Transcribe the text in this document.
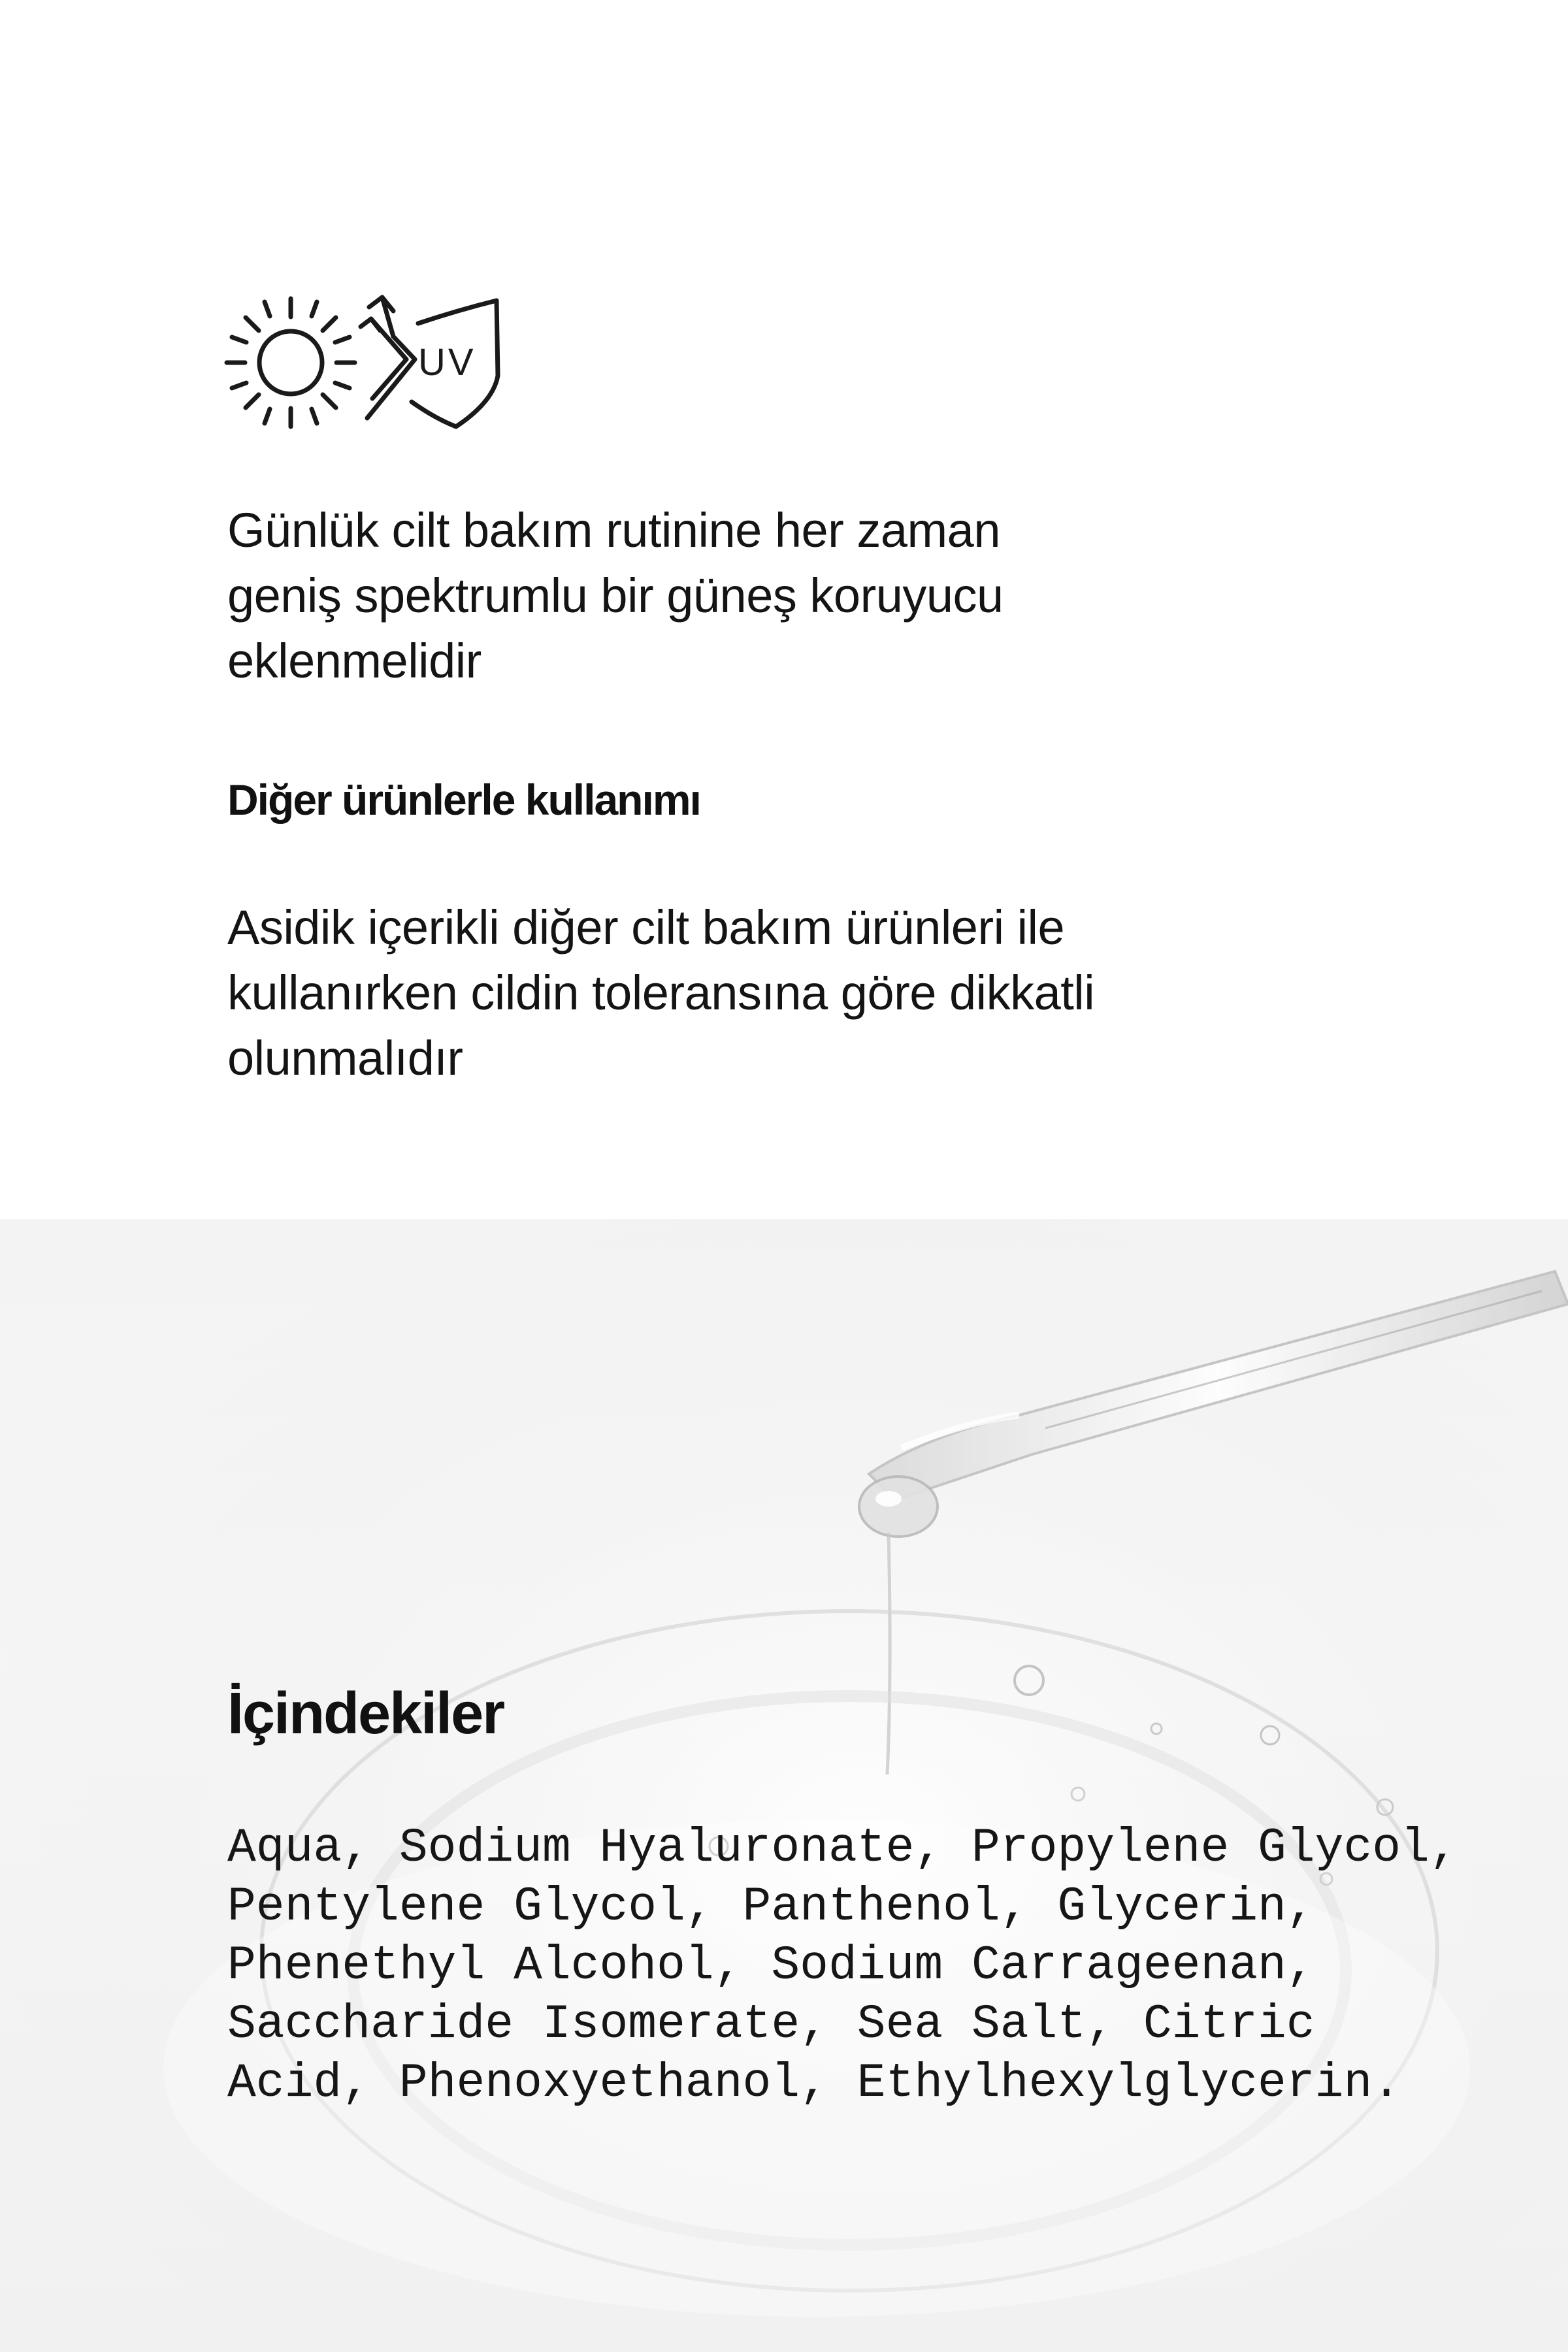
UV
Günlük cilt bakım rutinine her zaman
geniş spektrumlu bir güneş koruyucu
eklenmelidir
Diğer ürünlerle kullanımı
Asidik içerikli diğer cilt bakım ürünleri ile
kullanırken cildin toleransına göre dikkatli
olunmalıdır
İçindekiler
Aqua, Sodium Hyaluronate, Propylene Glycol,
Pentylene Glycol, Panthenol, Glycerin,
Phenethyl Alcohol, Sodium Carrageenan,
Saccharide Isomerate, Sea Salt, Citric
Acid, Phenoxyethanol, Ethylhexylglycerin.
